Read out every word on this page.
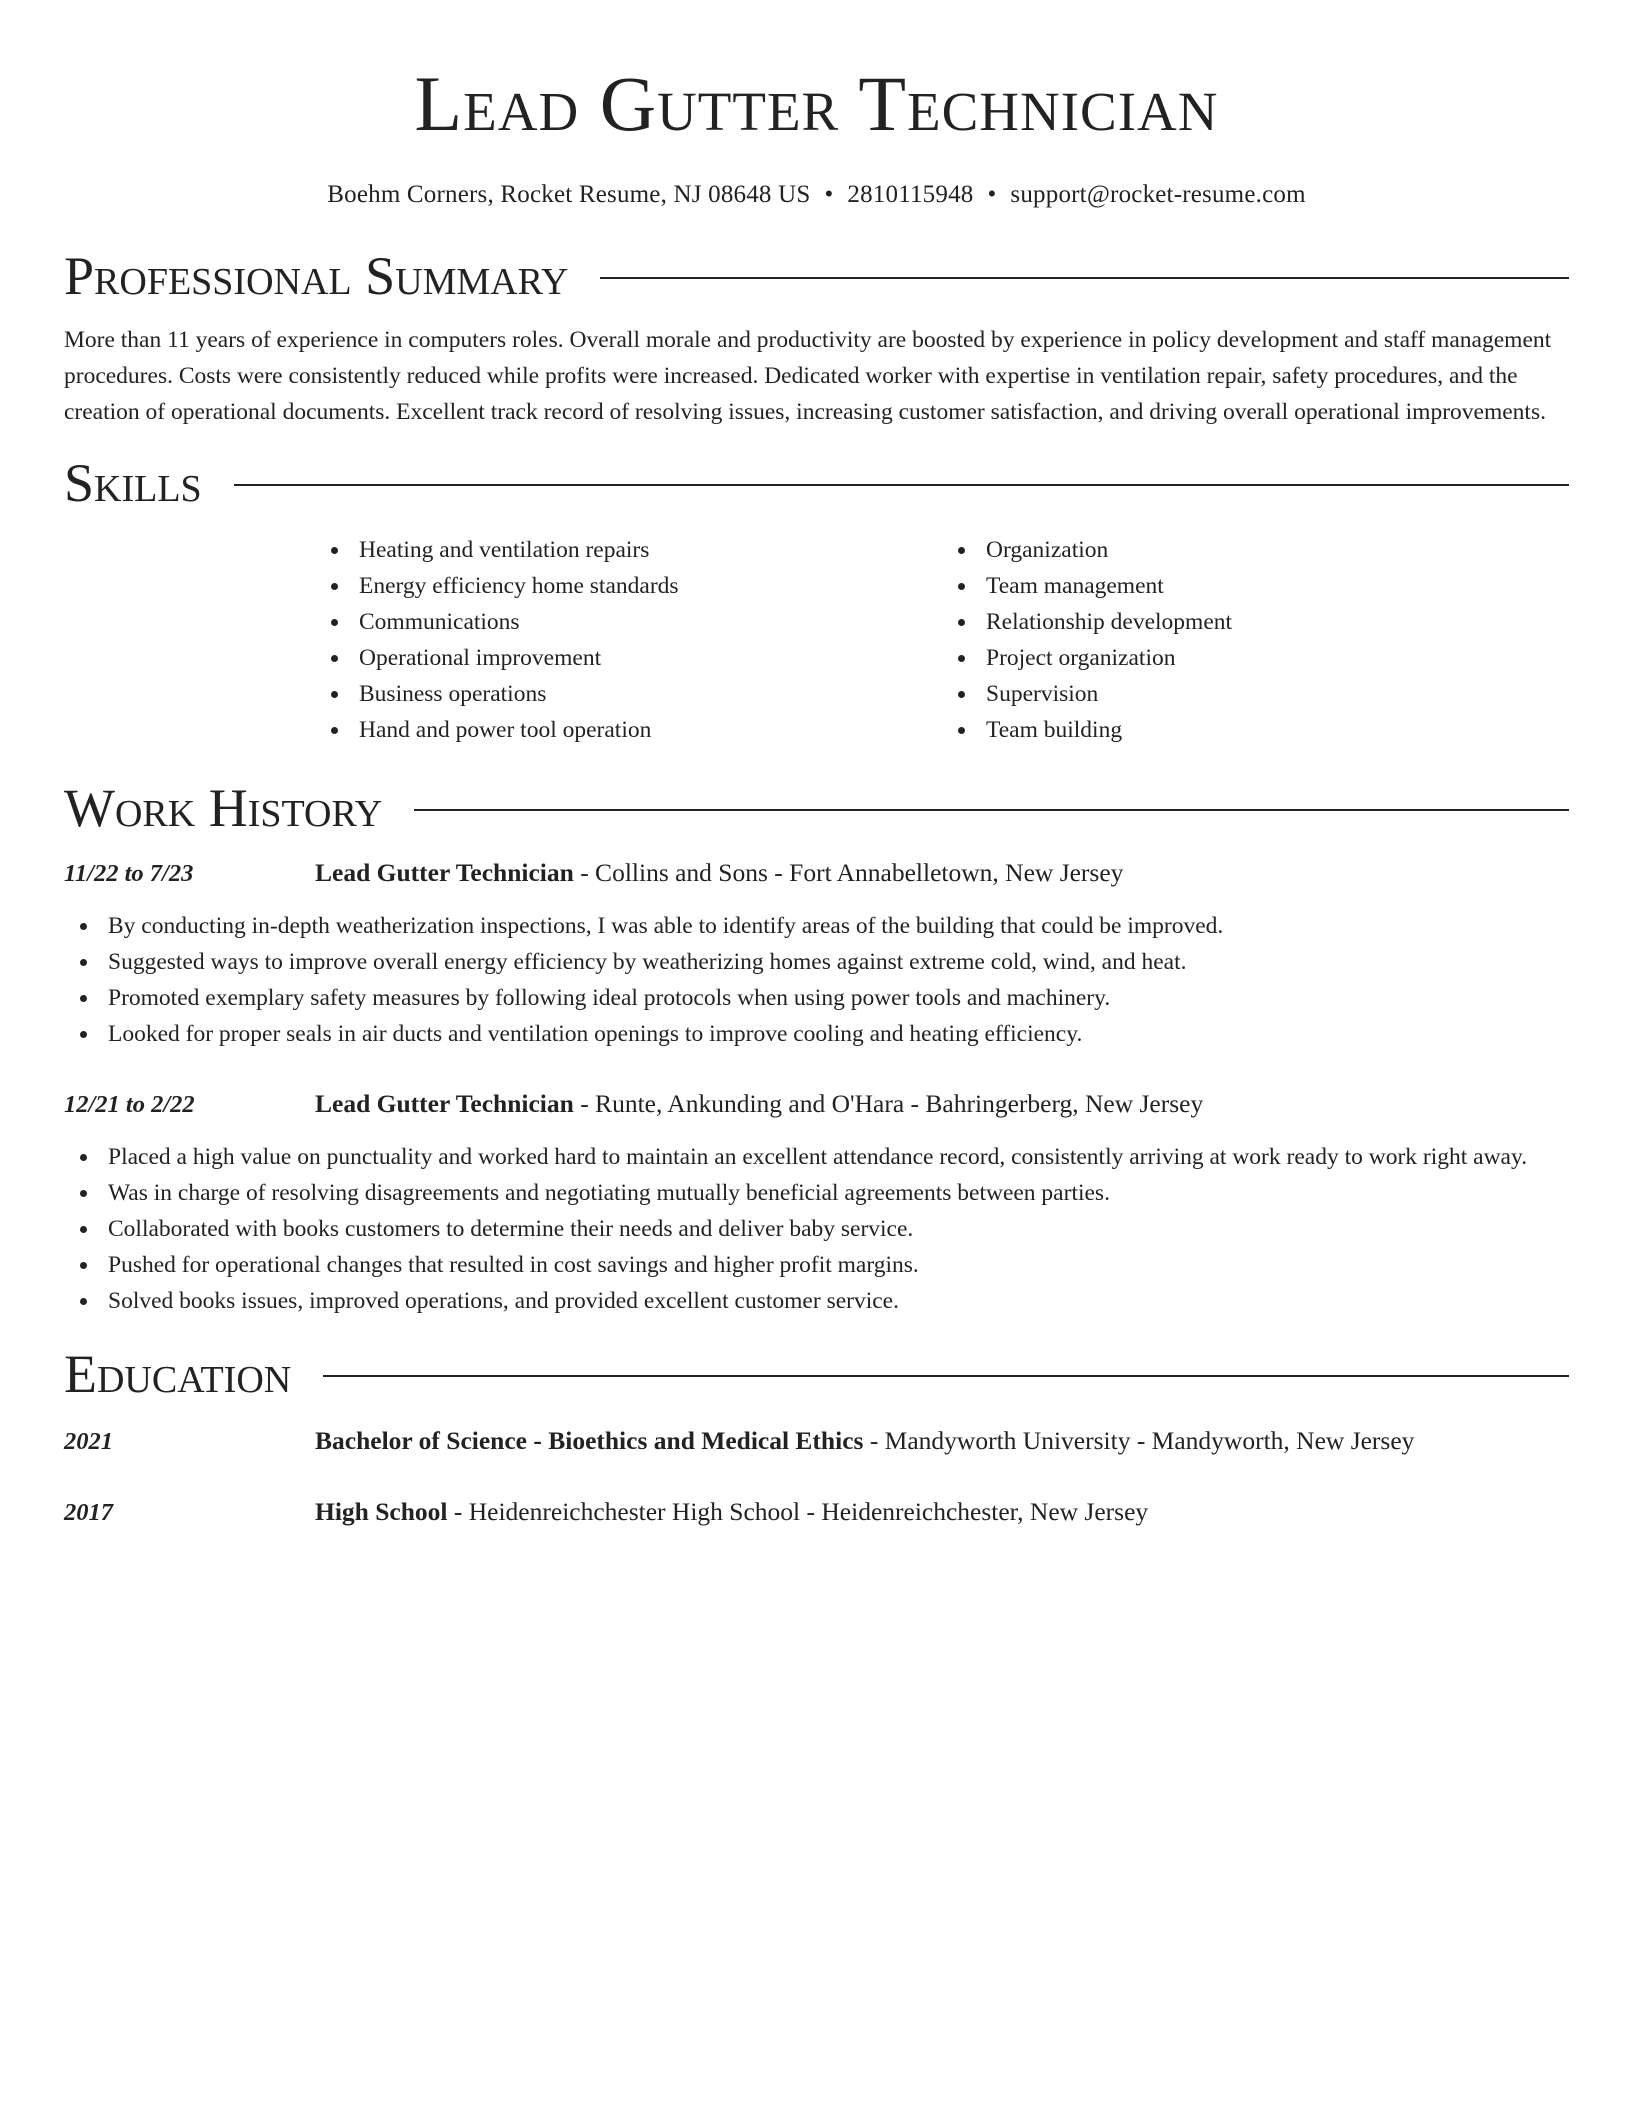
Lead Gutter Technician
Boehm Corners, Rocket Resume, NJ 08648 US • 2810115948 • support@rocket-resume.com
Professional Summary

More than 11 years of experience in computers roles. Overall morale and productivity are boosted by experience in policy development and staff management procedures. Costs were consistently reduced while profits were increased. Dedicated worker with expertise in ventilation repair, safety procedures, and the creation of operational documents. Excellent track record of resolving issues, increasing customer satisfaction, and driving overall operational improvements.

Skills
Heating and ventilation repairs
Energy efficiency home standards
Communications
Operational improvement
Business operations
Hand and power tool operation
Organization
Team management
Relationship development
Project organization
Supervision
Team building
Work History
11/22 to 7/23	Lead Gutter Technician - Collins and Sons - Fort Annabelletown, New Jersey
By conducting in-depth weatherization inspections, I was able to identify areas of the building that could be improved.
Suggested ways to improve overall energy efficiency by weatherizing homes against extreme cold, wind, and heat.
Promoted exemplary safety measures by following ideal protocols when using power tools and machinery.
Looked for proper seals in air ducts and ventilation openings to improve cooling and heating efficiency.
12/21 to 2/22	Lead Gutter Technician - Runte, Ankunding and O'Hara - Bahringerberg, New Jersey
Placed a high value on punctuality and worked hard to maintain an excellent attendance record, consistently arriving at work ready to work right away.
Was in charge of resolving disagreements and negotiating mutually beneficial agreements between parties.
Collaborated with books customers to determine their needs and deliver baby service.
Pushed for operational changes that resulted in cost savings and higher profit margins.
Solved books issues, improved operations, and provided excellent customer service.
Education
2021	Bachelor of Science - Bioethics and Medical Ethics - Mandyworth University - Mandyworth, New Jersey
2017	High School - Heidenreichchester High School - Heidenreichchester, New Jersey
